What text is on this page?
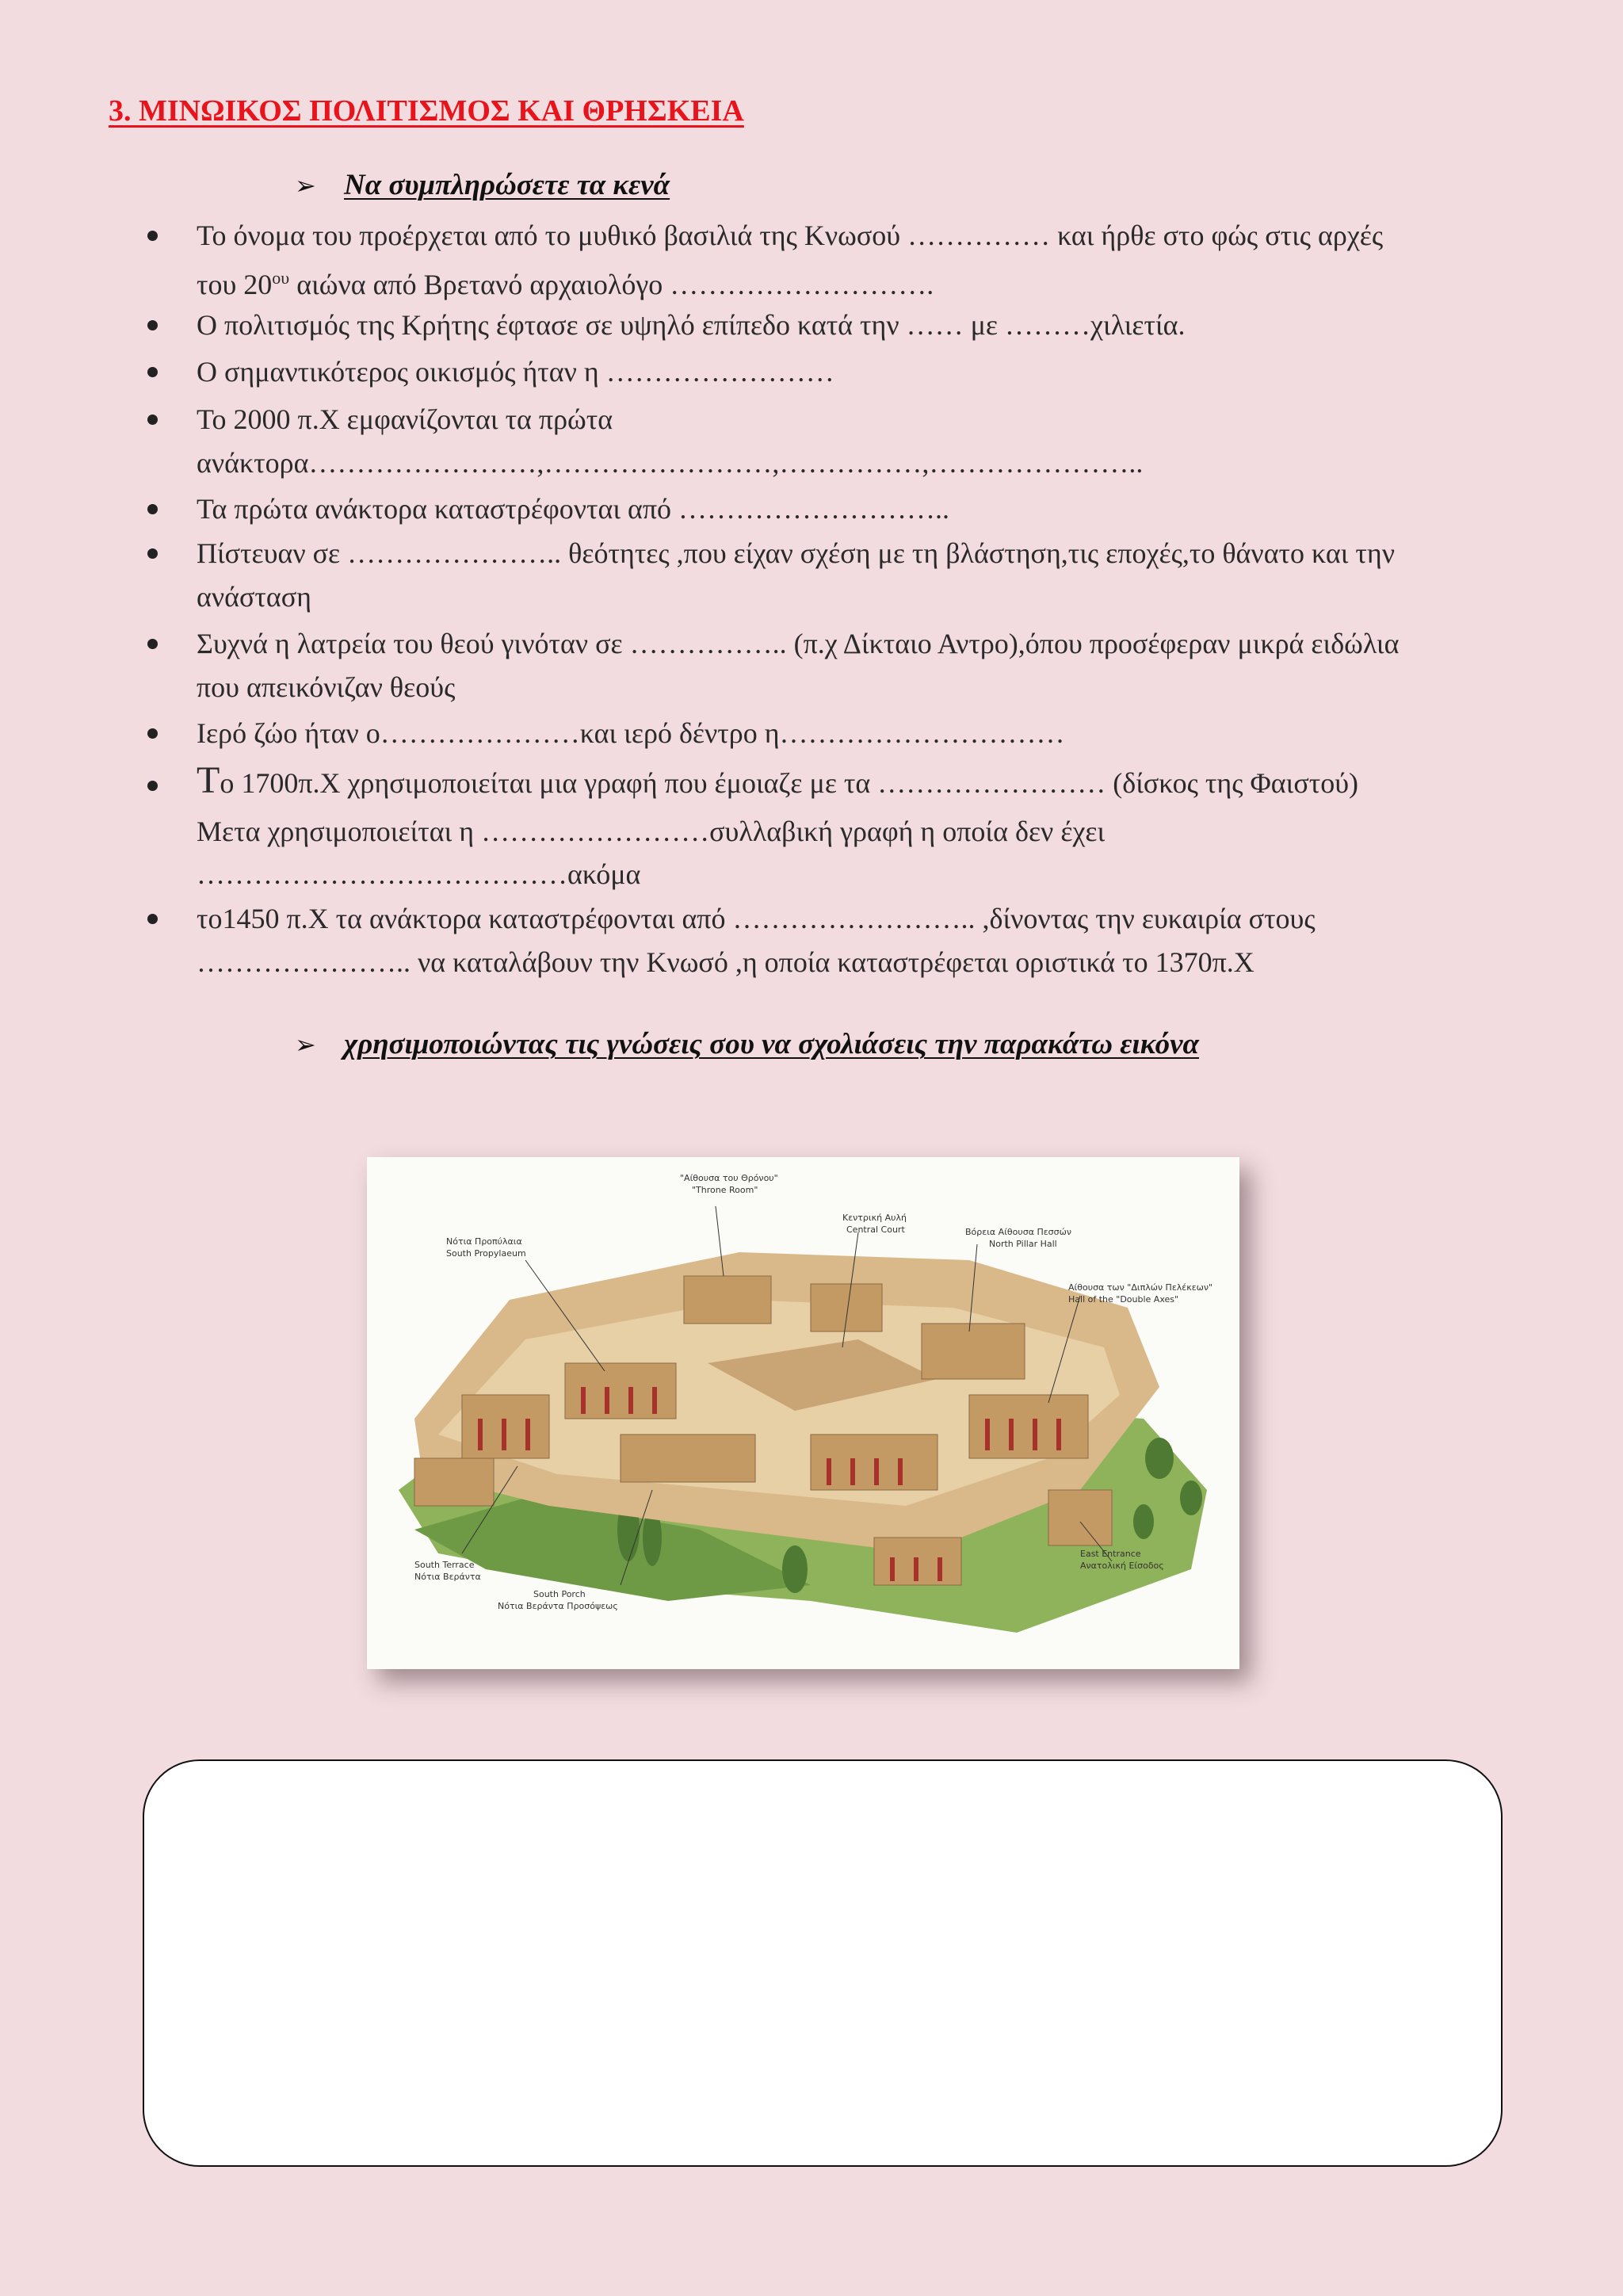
3. ΜΙΝΩΙΚΟΣ ΠΟΛΙΤΙΣΜΟΣ ΚΑΙ ΘΡΗΣΚΕΙΑ
➢ Να συμπληρώσετε τα κενά
Το όνομα του προέρχεται από το μυθικό βασιλιά της Κνωσού …………… και ήρθε στο φώς στις αρχές
του $20^{o\upsilon}$ αιώνα από Βρετανό αρχαιολόγο ……………………….
Ο πολιτισμός της Κρήτης έφτασε σε υψηλό επίπεδο κατά την …… με ………χιλιετία.
Ο σημαντικότερος οικισμός ήταν η ……………………
Το 2000 π.Χ εμφανίζονται τα πρώτα
ανάκτορα……………………,……………………,……………,…………………..
Τα πρώτα ανάκτορα καταστρέφονται από ………………………..
Πίστευαν σε ………………….. θεότητες ,που είχαν σχέση με τη βλάστηση,τις εποχές,το θάνατο και την
ανάσταση
Συχνά η λατρεία του θεού γινόταν σε …………….. (π.χ Δίκταιο Αντρο),όπου προσέφεραν μικρά ειδώλια
που απεικόνιζαν θεούς
Ιερό ζώο ήταν ο…………………και ιερό δέντρο η…………………………
Το 1700π.Χ χρησιμοποιείται μια γραφή που έμοιαζε με τα …………………… (δίσκος της Φαιστού)
Μετα χρησιμοποιείται η ……………………συλλαβική γραφή η οποία δεν έχει
…………………………………ακόμα
το1450 π.Χ τα ανάκτορα καταστρέφονται από …………………….. ,δίνοντας την ευκαιρία στους
………………….. να καταλάβουν την Κνωσό ,η οποία καταστρέφεται οριστικά το 1370π.Χ
➢ χρησιμοποιώντας τις γνώσεις σου να σχολιάσεις την παρακάτω εικόνα
"Αίθουσα του Θρόνου"
"Throne Room"
Κεντρική Αυλή
Central Court	Βόρεια Αίθουσα Πεσσών
North Pillar Hall
Νότια Προπύλαια
South Propylaeum
Αίθουσα των "Διπλών Πελέκεων"
Hall of the "Double Axes"
South Terrace
Νότια Βεράντα
South Porch
Νότια Βεράντα Προσόψεως
East Entrance
Ανατολική Είσοδος
